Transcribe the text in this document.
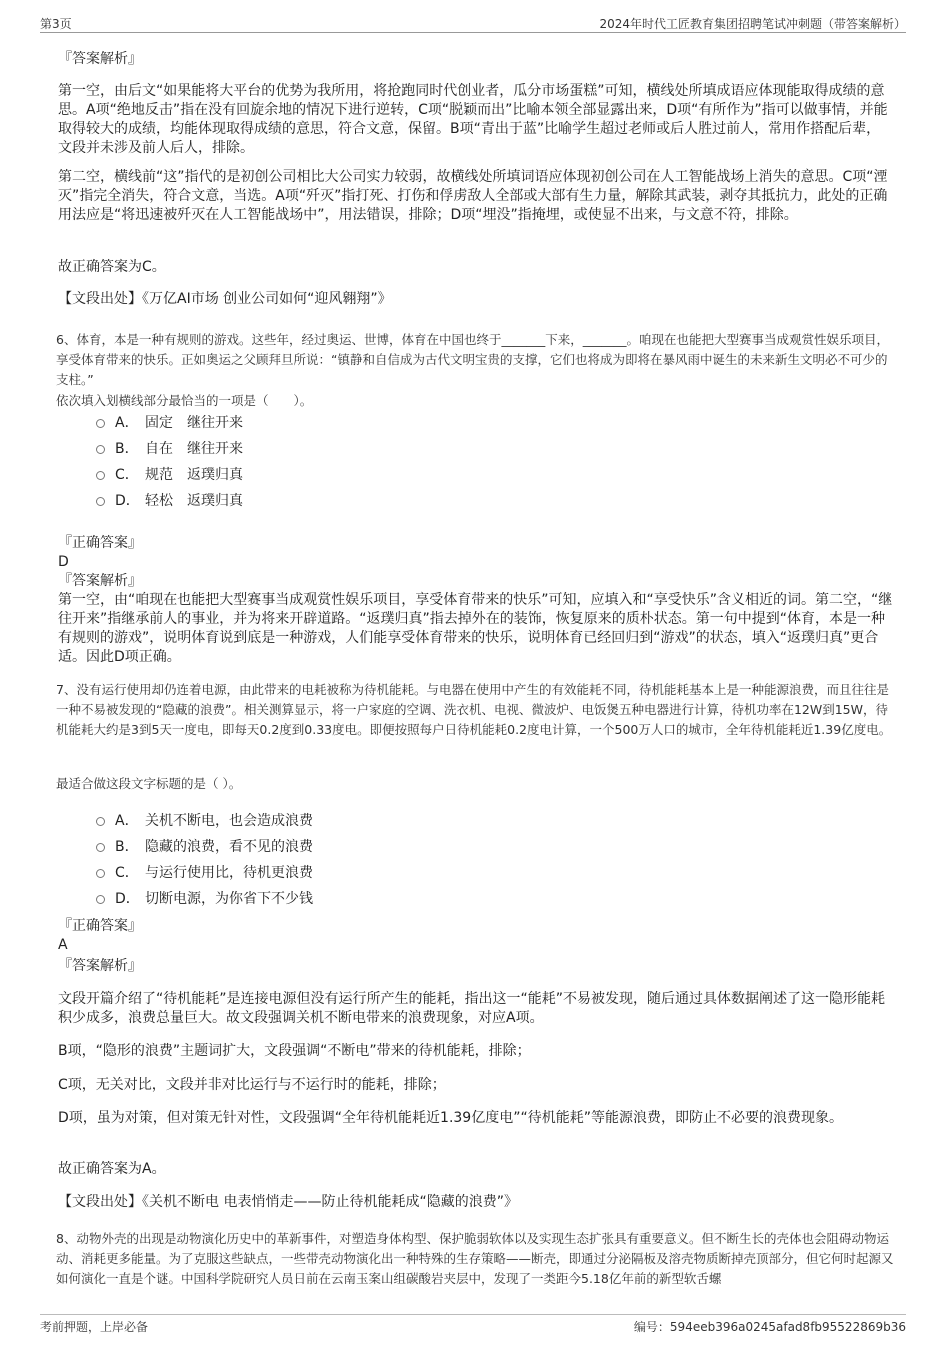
第3页	2024年时代工匠教育集团招聘笔试冲刺题（带答案解析）
『答案解析』

第一空，由后文“如果能将大平台的优势为我所用，将抢跑同时代创业者，瓜分市场蛋糕”可知，横线处所填成语应体现能取得成绩的意思。A项“绝地反击”指在没有回旋余地的情况下进行逆转，C项“脱颖而出”比喻本领全部显露出来，D项“有所作为”指可以做事情，并能取得较大的成绩，均能体现取得成绩的意思，符合文意，保留。B项“青出于蓝”比喻学生超过老师或后人胜过前人，常用作搭配后辈，文段并未涉及前人后人，排除。

第二空，横线前“这”指代的是初创公司相比大公司实力较弱，故横线处所填词语应体现初创公司在人工智能战场上消失的意思。C项“湮灭”指完全消失，符合文意，当选。A项“歼灭”指打死、打伤和俘虏敌人全部或大部有生力量，解除其武装，剥夺其抵抗力，此处的正确用法应是“将迅速被歼灭在人工智能战场中”，用法错误，排除；D项“埋没”指掩埋，或使显不出来，与文意不符，排除。

故正确答案为C。
【文段出处】《万亿AI市场 创业公司如何“迎风翱翔”》

6、体育，本是一种有规则的游戏。这些年，经过奥运、世博，体育在中国也终于_______下来，_______。咱现在也能把大型赛事当成观赏性娱乐项目，享受体育带来的快乐。正如奥运之父顾拜旦所说：“镇静和自信成为古代文明宝贵的支撑，它们也将成为即将在暴风雨中诞生的未来新生文明必不可少的支柱。”

依次填入划横线部分最恰当的一项是（　　）。
A． 固定　继往开来
B． 自在　继往开来
C． 规范　返璞归真
D． 轻松　返璞归真
『正确答案』
D
『答案解析』

第一空，由“咱现在也能把大型赛事当成观赏性娱乐项目，享受体育带来的快乐”可知，应填入和“享受快乐”含义相近的词。第二空，“继往开来”指继承前人的事业，并为将来开辟道路。“返璞归真”指去掉外在的装饰，恢复原来的质朴状态。第一句中提到“体育，本是一种有规则的游戏”，说明体育说到底是一种游戏，人们能享受体育带来的快乐，说明体育已经回归到“游戏”的状态，填入“返璞归真”更合适。因此D项正确。

7、没有运行使用却仍连着电源，由此带来的电耗被称为待机能耗。与电器在使用中产生的有效能耗不同，待机能耗基本上是一种能源浪费，而且往往是一种不易被发现的“隐藏的浪费”。相关测算显示，将一户家庭的空调、洗衣机、电视、微波炉、电饭煲五种电器进行计算，待机功率在12W到15W，待机能耗大约是3到5天一度电，即每天0.2度到0.33度电。即便按照每户日待机能耗0.2度电计算，一个500万人口的城市，全年待机能耗近1.39亿度电。

最适合做这段文字标题的是（ ）。
A． 关机不断电，也会造成浪费
B． 隐藏的浪费，看不见的浪费
C． 与运行使用比，待机更浪费
D． 切断电源，为你省下不少钱
『正确答案』
A
『答案解析』

文段开篇介绍了“待机能耗”是连接电源但没有运行所产生的能耗，指出这一“能耗”不易被发现，随后通过具体数据阐述了这一隐形能耗积少成多，浪费总量巨大。故文段强调关机不断电带来的浪费现象，对应A项。

B项，“隐形的浪费”主题词扩大，文段强调“不断电”带来的待机能耗，排除；

C项，无关对比，文段并非对比运行与不运行时的能耗，排除；

D项，虽为对策，但对策无针对性，文段强调“全年待机能耗近1.39亿度电”“待机能耗”等能源浪费，即防止不必要的浪费现象。

故正确答案为A。
【文段出处】《关机不断电 电表悄悄走——防止待机能耗成“隐藏的浪费”》

8、动物外壳的出现是动物演化历史中的革新事件，对塑造身体构型、保护脆弱软体以及实现生态扩张具有重要意义。但不断生长的壳体也会阻碍动物运动、消耗更多能量。为了克服这些缺点，一些带壳动物演化出一种特殊的生存策略——断壳，即通过分泌隔板及溶壳物质断掉壳顶部分，但它何时起源又如何演化一直是个谜。中国科学院研究人员日前在云南玉案山组碳酸岩夹层中，发现了一类距今5.18亿年前的新型软舌螺

考前押题，上岸必备	编号：594eeb396a0245afad8fb95522869b36
